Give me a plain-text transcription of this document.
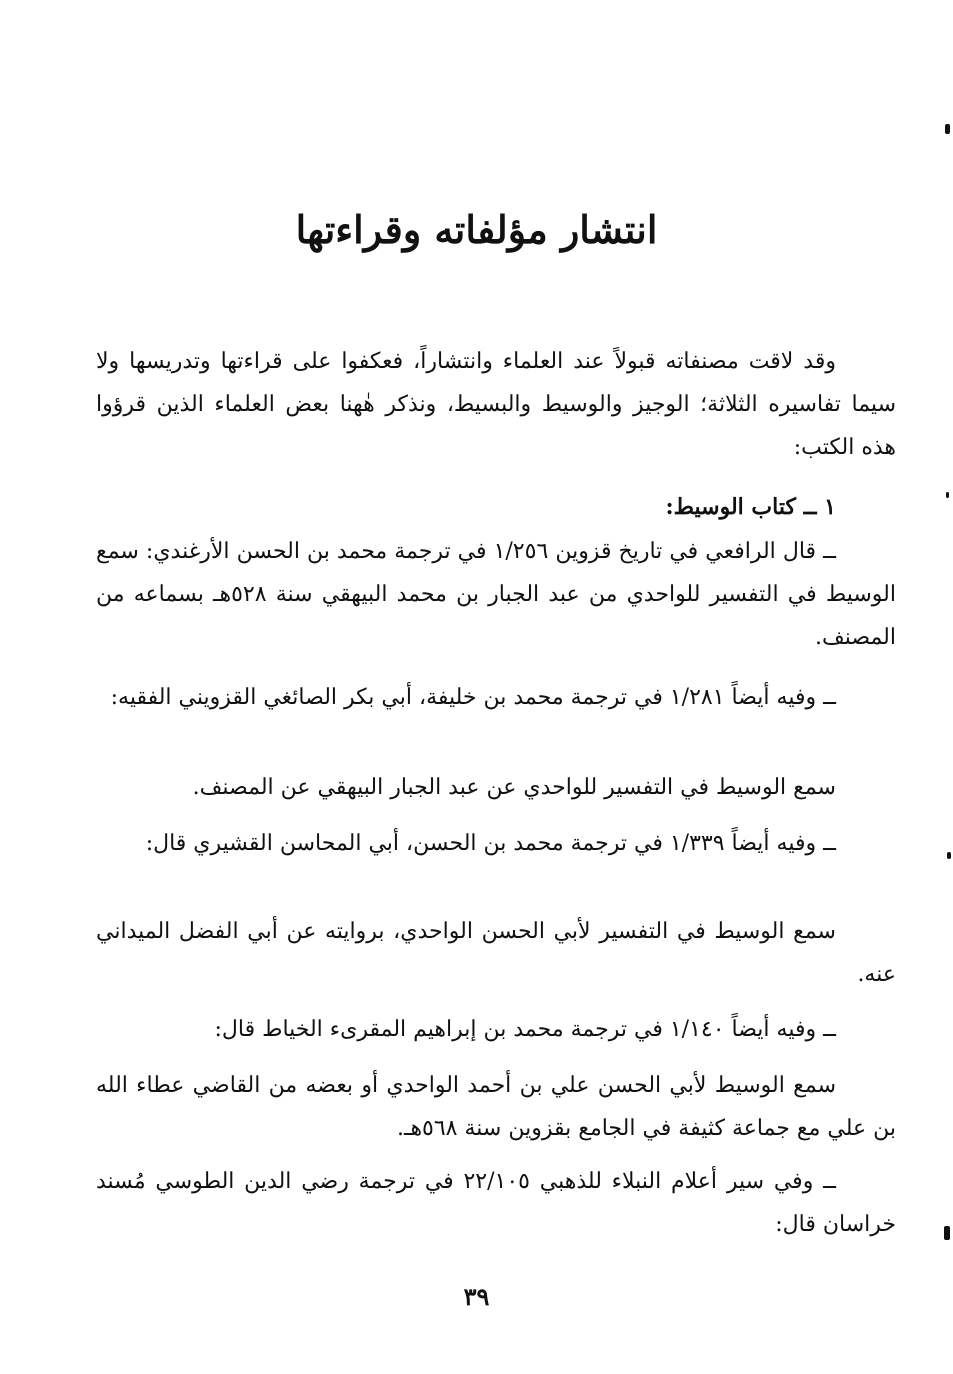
انتشار مؤلفاته وقراءتها

وقد لاقت مصنفاته قبولاً عند العلماء وانتشاراً، فعكفوا على قراءتها وتدريسها ولا سيما تفاسيره الثلاثة؛ الوجيز والوسيط والبسيط، ونذكر هٰهنا بعض العلماء الذين قرؤوا هذه الكتب:

١ ــ كتاب الوسيط:

ــ قال الرافعي في تاريخ قزوين ١/٢٥٦ في ترجمة محمد بن الحسن الأرغندي: سمع الوسيط في التفسير للواحدي من عبد الجبار بن محمد البيهقي سنة ٥٢٨هـ بسماعه من المصنف.

ــ وفيه أيضاً ١/٢٨١ في ترجمة محمد بن خليفة، أبي بكر الصائغي القزويني الفقيه:

سمع الوسيط في التفسير للواحدي عن عبد الجبار البيهقي عن المصنف.

ــ وفيه أيضاً ١/٣٣٩ في ترجمة محمد بن الحسن، أبي المحاسن القشيري قال:

سمع الوسيط في التفسير لأبي الحسن الواحدي، بروايته عن أبي الفضل الميداني عنه.

ــ وفيه أيضاً ١/١٤٠ في ترجمة محمد بن إبراهيم المقرىء الخياط قال:

سمع الوسيط لأبي الحسن علي بن أحمد الواحدي أو بعضه من القاضي عطاء الله بن علي مع جماعة كثيفة في الجامع بقزوين سنة ٥٦٨هـ.

ــ وفي سير أعلام النبلاء للذهبي ٢٢/١٠٥ في ترجمة رضي الدين الطوسي مُسند خراسان قال:

٣٩
